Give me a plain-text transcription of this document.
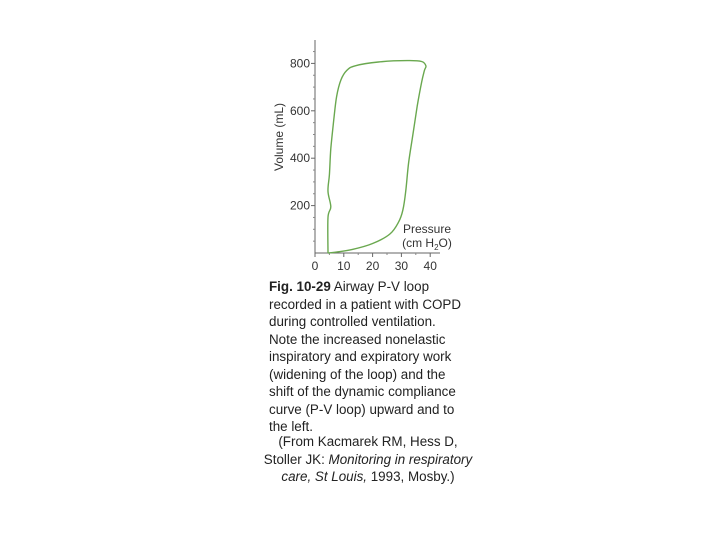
200
400
600
800
0 10 20 30 40
Volume (mL)
Pressure
(cm $H_2O$)
Fig. 10-29 Airway P-V loop recorded in a patient with COPD during controlled ventilation. Note the increased nonelastic inspiratory and expiratory work (widening of the loop) and the shift of the dynamic compliance curve (P-V loop) upward and to the left.
(From Kacmarek RM, Hess D, Stoller JK: Monitoring in respiratory care, St Louis, 1993, Mosby.)
